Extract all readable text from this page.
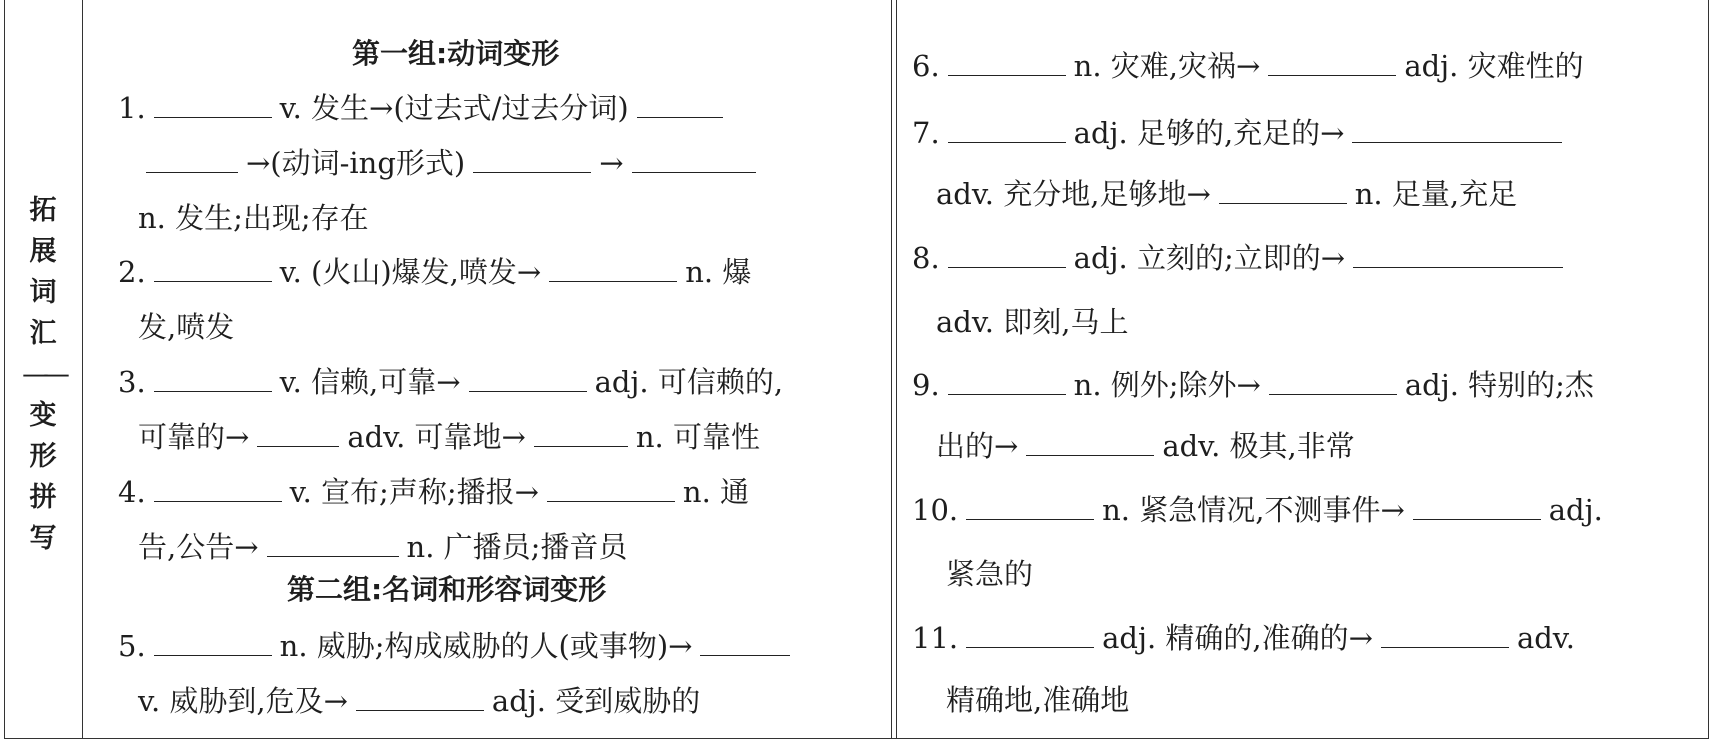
拓
展
词
汇
——
变
形
拼
写
第一组:动词变形
第二组:名词和形容词变形
1.	v. 发生→(过去式/过去分词)
→(动词-ing形式)	→
n. 发生;出现;存在
2.	v. (火山)爆发,喷发→	n. 爆
发,喷发
3.	v. 信赖,可靠→	adj. 可信赖的,
可靠的→	adv. 可靠地→	n. 可靠性
4.	v. 宣布;声称;播报→	n. 通
告,公告→	n. 广播员;播音员
5.	n. 威胁;构成威胁的人(或事物)→
v. 威胁到,危及→	adj. 受到威胁的
6.	n. 灾难,灾祸→	adj. 灾难性的
7.	adj. 足够的,充足的→
adv. 充分地,足够地→	n. 足量,充足
8.	adj. 立刻的;立即的→
adv. 即刻,马上
9.	n. 例外;除外→	adj. 特别的;杰
出的→	adv. 极其,非常
10.	n. 紧急情况,不测事件→	adj.
紧急的
11.	adj. 精确的,准确的→	adv.
精确地,准确地
